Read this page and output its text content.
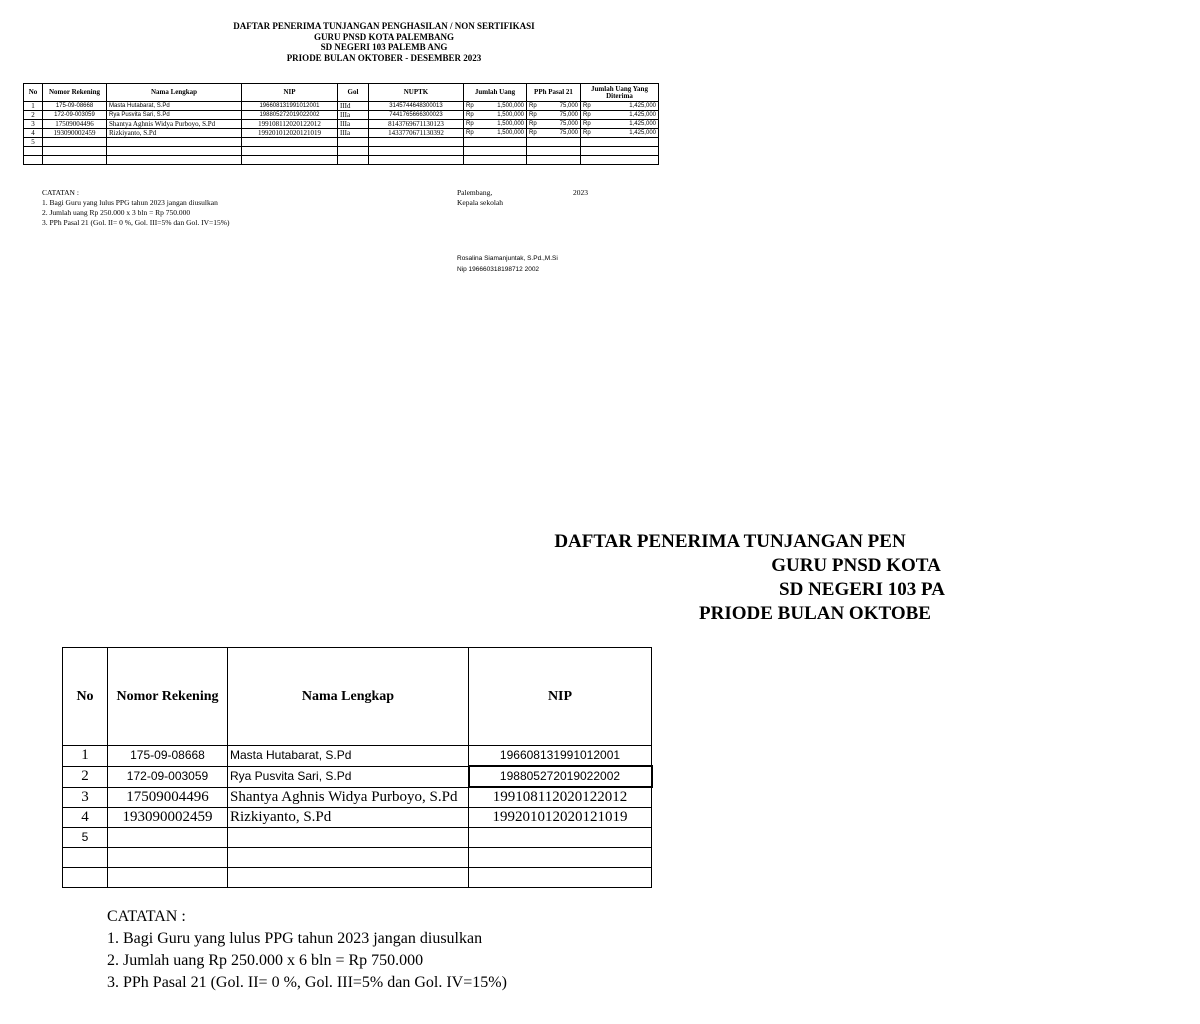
DAFTAR PENERIMA TUNJANGAN PENGHASILAN / NON SERTIFIKASI
GURU PNSD KOTA PALEMBANG
SD NEGERI 103 PALEMB ANG
PRIODE BULAN OKTOBER - DESEMBER 2023
No	Nomor Rekening	Nama Lengkap	NIP	Gol	NUPTK	Jumlah Uang	PPh Pasal 21	Jumlah Uang Yang Diterima
1	175-09-08668	Masta Hutabarat, S.Pd	196608131991012001	IIId	3145744648300013	Rp 1,500,000	Rp 75,000	Rp 1,425,000

2	172-09-003059	Rya Pusvita Sari, S.Pd	198805272019022002	IIIa	7441765666300023	Rp 1,500,000	Rp 75,000	Rp 1,425,000

3	17509004496	Shantya Aghnis Widya Purboyo, S.Pd	199108112020122012	IIIa	8143769671130123	Rp 1,500,000	Rp 75,000	Rp 1,425,000

4	193090002459	Rizkiyanto, S.Pd	199201012020121019	IIIa	1433770671130392	Rp 1,500,000	Rp 75,000	Rp 1,425,000

5								

CATATAN :
1. Bagi Guru yang lulus PPG tahun 2023 jangan diusulkan
2. Jumlah uang Rp 250.000 x 3 bln = Rp 750.000
3. PPh Pasal 21 (Gol. II= 0 %, Gol. III=5% dan Gol. IV=15%)
Palembang,	2023
Kepala sekolah
Rosalina Siamanjuntak, S.Pd.,M.Si
Nip 196660318198712 2002
DAFTAR PENERIMA TUNJANGAN PEN
GURU PNSD KOTA
SD NEGERI 103 PA
PRIODE BULAN OKTOBE
No	Nomor Rekening	Nama Lengkap	NIP
1	175-09-08668	Masta Hutabarat, S.Pd	196608131991012001
2	172-09-003059	Rya Pusvita Sari, S.Pd	198805272019022002
3	17509004496	Shantya Aghnis Widya Purboyo, S.Pd	199108112020122012
4	193090002459	Rizkiyanto, S.Pd	199201012020121019
5			

CATATAN :
1. Bagi Guru yang lulus PPG tahun 2023 jangan diusulkan
2. Jumlah uang Rp 250.000 x 6 bln = Rp 750.000
3. PPh Pasal 21 (Gol. II= 0 %, Gol. III=5% dan Gol. IV=15%)
